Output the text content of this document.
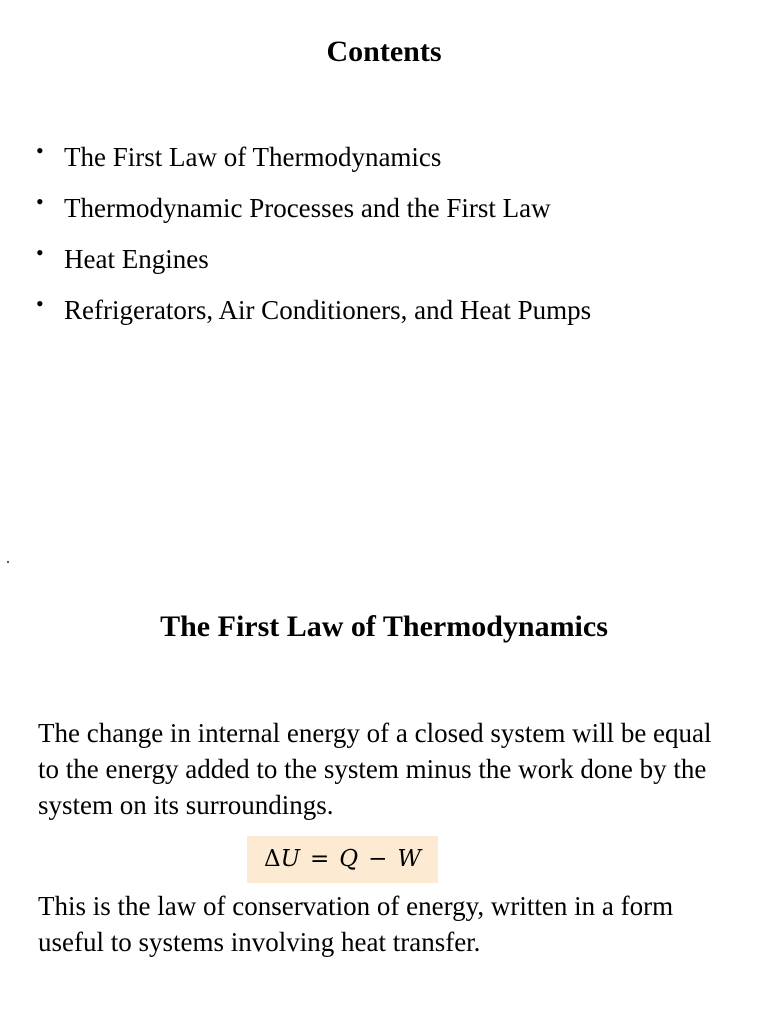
Contents
• The First Law of Thermodynamics
• Thermodynamic Processes and the First Law
• Heat Engines
• Refrigerators, Air Conditioners, and Heat Pumps
The First Law of Thermodynamics

The change in internal energy of a closed system will be equal to the energy added to the system minus the work done by the system on its surroundings.

ΔU = Q − W

This is the law of conservation of energy, written in a form useful to systems involving heat transfer.
